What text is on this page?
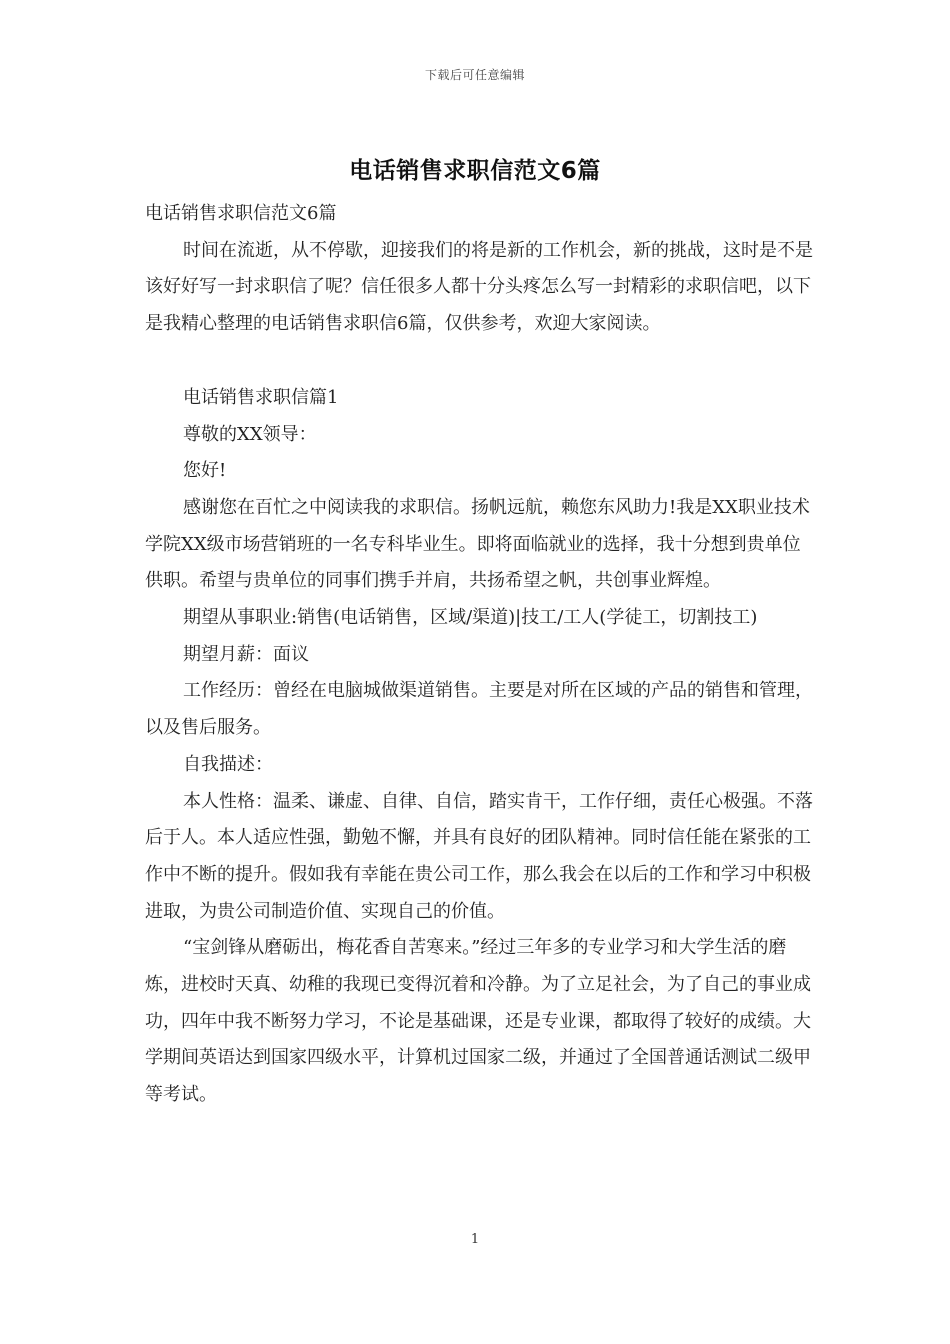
下载后可任意编辑
电话销售求职信范文6篇

电话销售求职信范文6篇

时间在流逝，从不停歇，迎接我们的将是新的工作机会，新的挑战，这时是不是该好好写一封求职信了呢？信任很多人都十分头疼怎么写一封精彩的求职信吧，以下是我精心整理的电话销售求职信6篇，仅供参考，欢迎大家阅读。

电话销售求职信篇1

尊敬的XX领导：

您好!

感谢您在百忙之中阅读我的求职信。扬帆远航，赖您东风助力!我是XX职业技术学院XX级市场营销班的一名专科毕业生。即将面临就业的选择，我十分想到贵单位供职。希望与贵单位的同事们携手并肩，共扬希望之帆，共创事业辉煌。

期望从事职业:销售(电话销售，区域/渠道)|技工/工人(学徒工，切割技工)

期望月薪：面议

工作经历：曾经在电脑城做渠道销售。主要是对所在区域的产品的销售和管理，以及售后服务。

自我描述：

本人性格：温柔、谦虚、自律、自信，踏实肯干，工作仔细，责任心极强。不落后于人。本人适应性强，勤勉不懈，并具有良好的团队精神。同时信任能在紧张的工作中不断的提升。假如我有幸能在贵公司工作，那么我会在以后的工作和学习中积极进取，为贵公司制造价值、实现自己的价值。

“宝剑锋从磨砺出，梅花香自苦寒来。”经过三年多的专业学习和大学生活的磨炼，进校时天真、幼稚的我现已变得沉着和冷静。为了立足社会，为了自己的事业成功，四年中我不断努力学习，不论是基础课，还是专业课，都取得了较好的成绩。大学期间英语达到国家四级水平，计算机过国家二级，并通过了全国普通话测试二级甲等考试。

1
